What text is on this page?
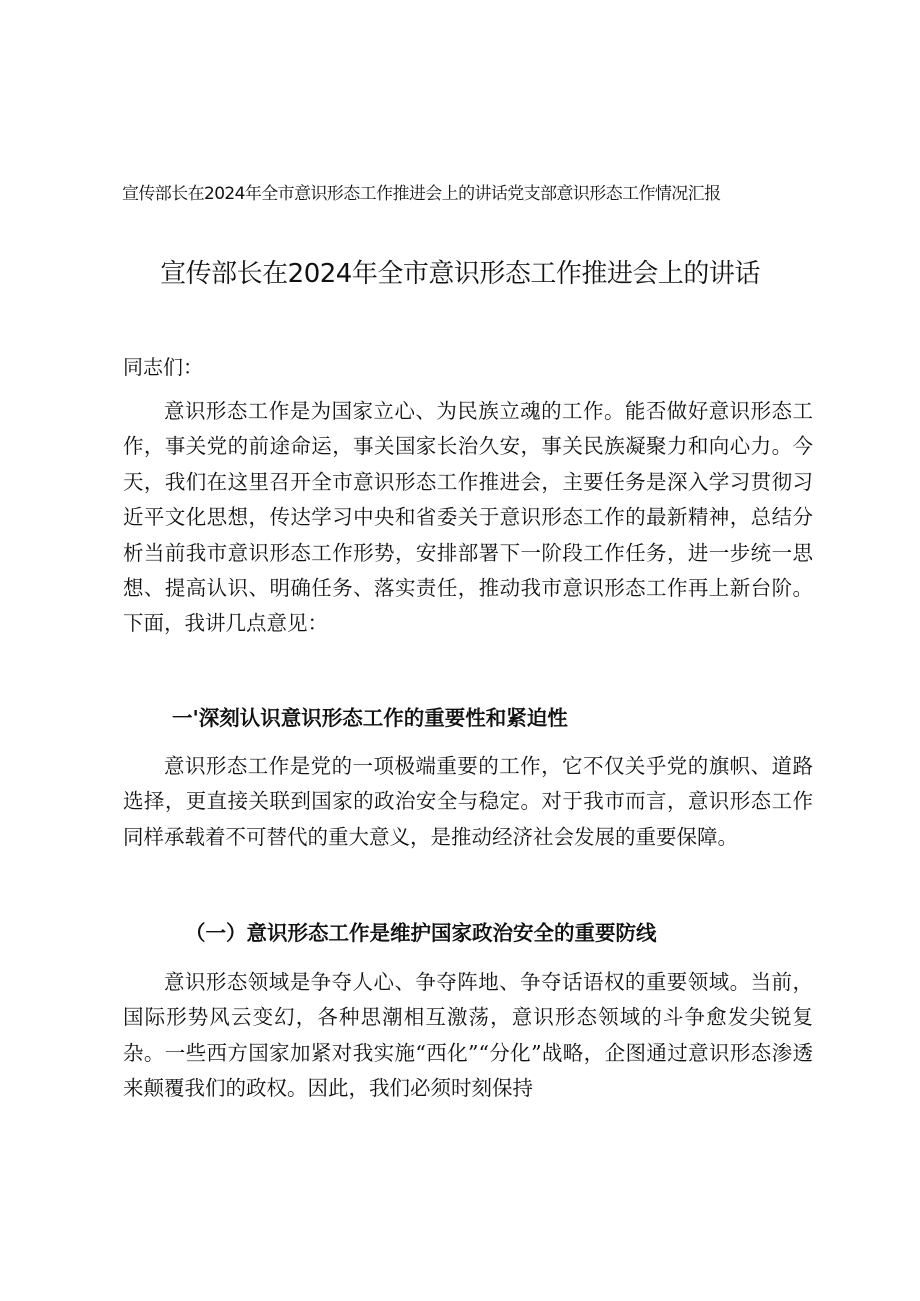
宣传部长在2024年全市意识形态工作推进会上的讲话党支部意识形态工作情况汇报
宣传部长在2024年全市意识形态工作推进会上的讲话
同志们：
意识形态工作是为国家立心、为民族立魂的工作。能否做好意识形态工作，事关党的前途命运，事关国家长治久安，事关民族凝聚力和向心力。今天，我们在这里召开全市意识形态工作推进会，主要任务是深入学习贯彻习近平文化思想，传达学习中央和省委关于意识形态工作的最新精神，总结分析当前我市意识形态工作形势，安排部署下一阶段工作任务，进一步统一思想、提高认识、明确任务、落实责任，推动我市意识形态工作再上新台阶。下面，我讲几点意见：
一'深刻认识意识形态工作的重要性和紧迫性
意识形态工作是党的一项极端重要的工作，它不仅关乎党的旗帜、道路选择，更直接关联到国家的政治安全与稳定。对于我市而言，意识形态工作同样承载着不可替代的重大意义，是推动经济社会发展的重要保障。
（一）意识形态工作是维护国家政治安全的重要防线
意识形态领域是争夺人心、争夺阵地、争夺话语权的重要领域。当前，国际形势风云变幻，各种思潮相互激荡，意识形态领域的斗争愈发尖锐复杂。一些西方国家加紧对我实施“西化”“分化”战略，企图通过意识形态渗透来颠覆我们的政权。因此，我们必须时刻保持
